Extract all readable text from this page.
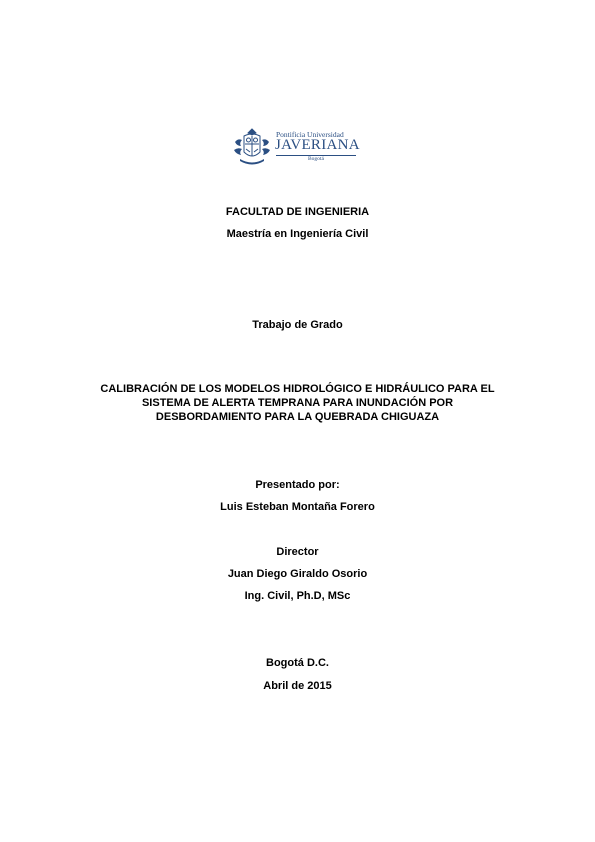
Pontificia Universidad
JAVERIANA
Bogotá
FACULTAD DE INGENIERIA
Maestría en Ingeniería Civil
Trabajo de Grado
CALIBRACIÓN DE LOS MODELOS HIDROLÓGICO E HIDRÁULICO PARA EL
SISTEMA DE ALERTA TEMPRANA PARA INUNDACIÓN POR
DESBORDAMIENTO PARA LA QUEBRADA CHIGUAZA
Presentado por:
Luis Esteban Montaña Forero
Director
Juan Diego Giraldo Osorio
Ing. Civil, Ph.D, MSc
Bogotá D.C.
Abril de 2015
